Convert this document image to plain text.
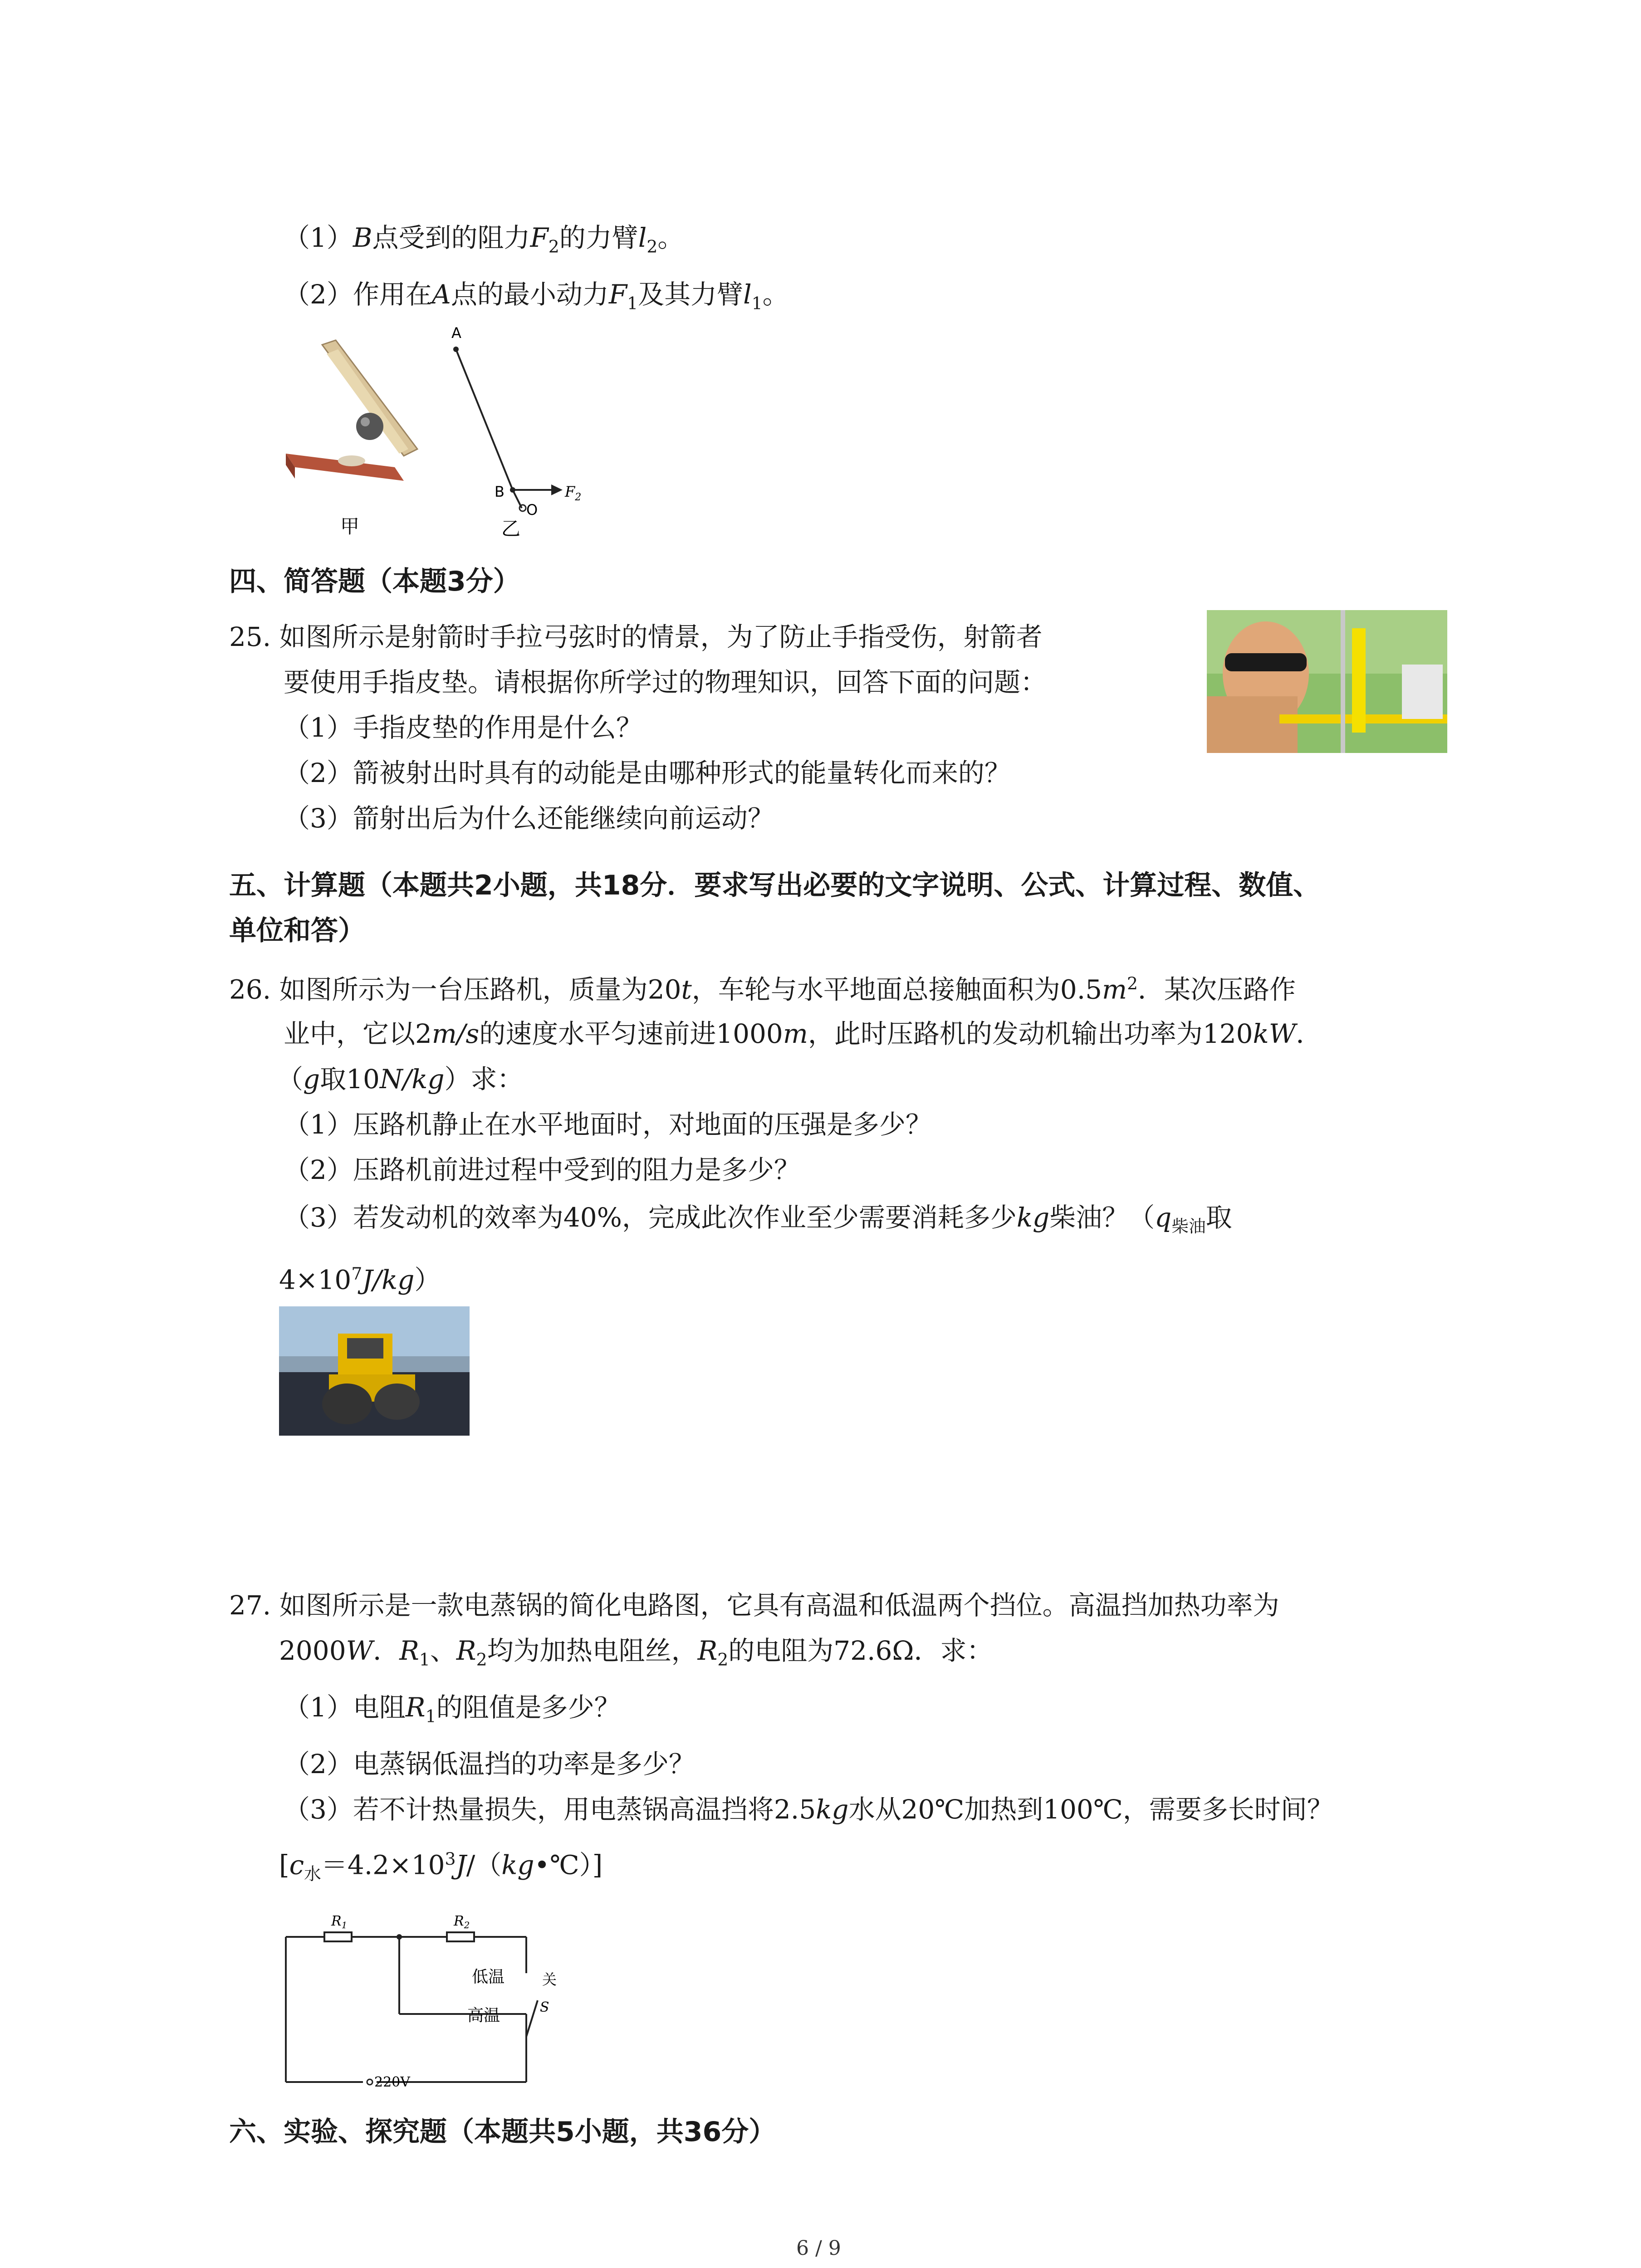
（1）B点受到的阻力$F_2$的力臂$l_2$。
（2）作用在A点的最小动力$F_1$及其力臂$l_1$。
甲
A
B
O
$F_2$
乙
四、简答题（本题3分）
25. 如图所示是射箭时手拉弓弦时的情景，为了防止手指受伤，射箭者
要使用手指皮垫。请根据你所学过的物理知识，回答下面的问题：
（1）手指皮垫的作用是什么？
（2）箭被射出时具有的动能是由哪种形式的能量转化而来的？
（3）箭射出后为什么还能继续向前运动？
五、计算题（本题共2小题，共18分．要求写出必要的文字说明、公式、计算过程、数值、
单位和答）
26. 如图所示为一台压路机，质量为20t，车轮与水平地面总接触面积为$0.5m^2$．某次压路作
业中，它以2m/s的速度水平匀速前进1000m，此时压路机的发动机输出功率为120kW．
（g取10N/kg）求：
（1）压路机静止在水平地面时，对地面的压强是多少？
（2）压路机前进过程中受到的阻力是多少？
（3）若发动机的效率为40%，完成此次作业至少需要消耗多少kg柴油？（$q_{柴油}$取
$4\times 10^7J/kg$）
27. 如图所示是一款电蒸锅的简化电路图，它具有高温和低温两个挡位。高温挡加热功率为
2000W．$R_1$、$R_2$均为加热电阻丝，$R_2$的电阻为72.6Ω．求：
（1）电阻$R_1$的阻值是多少？
（2）电蒸锅低温挡的功率是多少？
（3）若不计热量损失，用电蒸锅高温挡将2.5kg水从20℃加热到100℃，需要多长时间？
$[c_水=4.2\times 10^3J/(kg•℃)]$
$R_1$	$R_2$
低温
高温
关
S
220V
六、实验、探究题（本题共5小题，共36分）
6 / 9
